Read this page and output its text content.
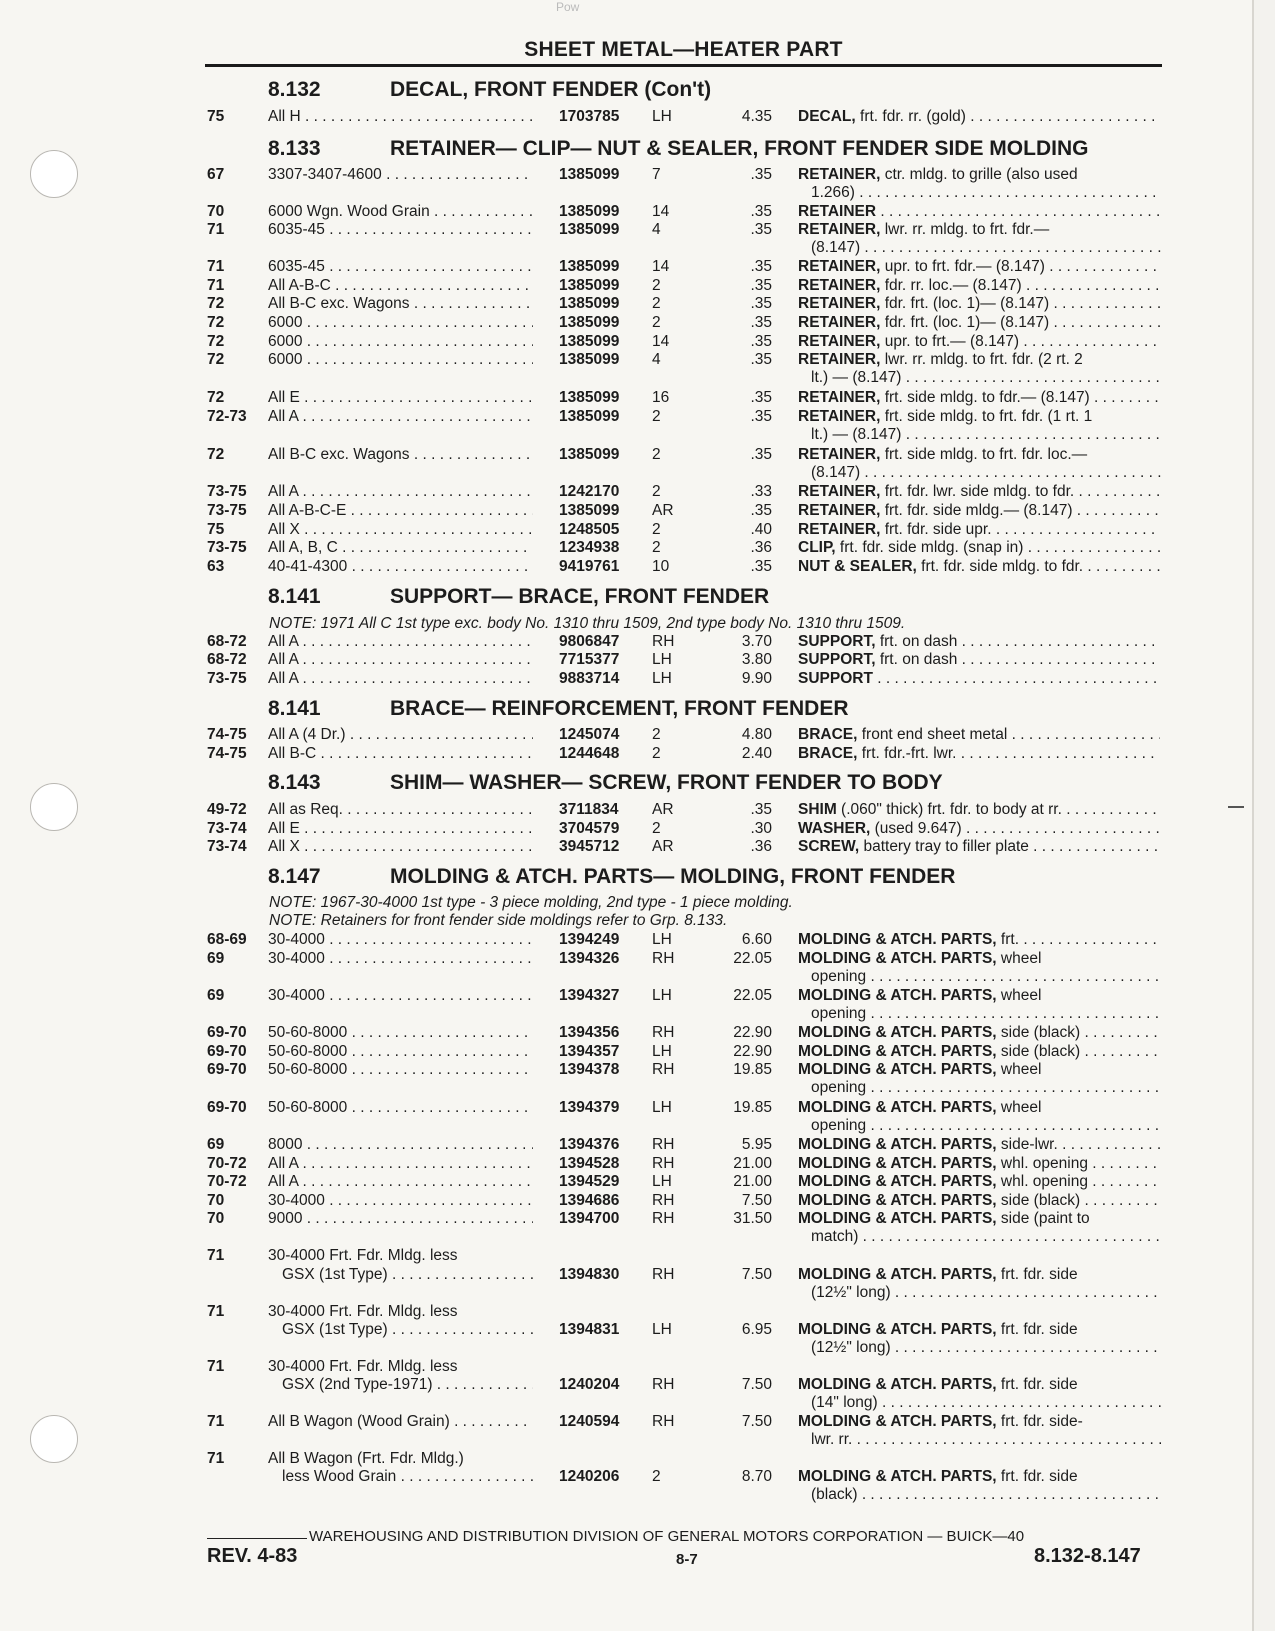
Pow
SHEET METAL—HEATER PART
8.132	DECAL, FRONT FENDER (Con't)
8.133	RETAINER— CLIP— NUT & SEALER, FRONT FENDER SIDE MOLDING
8.141	SUPPORT— BRACE, FRONT FENDER
8.141	BRACE— REINFORCEMENT, FRONT FENDER
8.143	SHIM— WASHER— SCREW, FRONT FENDER TO BODY
8.147	MOLDING & ATCH. PARTS— MOLDING, FRONT FENDER
NOTE: 1971 All C 1st type exc. body No. 1310 thru 1509, 2nd type body No. 1310 thru 1509.
NOTE: 1967-30-4000 1st type - 3 piece molding, 2nd type - 1 piece molding.
NOTE: Retainers for front fender side moldings refer to Grp. 8.133.
75	All H . . .	1703785 LH	4.35 DECAL, frt. fdr. rr. (gold) . . .
67	3307-3407-4600 . . .	1385099 7	.35 RETAINER, ctr. mldg. to grille (also used
1.266) . . .
70	6000 Wgn. Wood Grain . . .	1385099 14	.35 RETAINER . . .
71	6035-45 . . .	1385099 4	.35 RETAINER, lwr. rr. mldg. to frt. fdr.—
(8.147) . . .
71	6035-45 . . .	1385099 14	.35 RETAINER, upr. to frt. fdr.— (8.147) . . .
71	All A-B-C . . .	1385099 2	.35 RETAINER, fdr. rr. loc.— (8.147) . . .
72	All B-C exc. Wagons . . .	1385099 2	.35 RETAINER, fdr. frt. (loc. 1)— (8.147) . . .
72	6000 . . .	1385099 2	.35 RETAINER, fdr. frt. (loc. 1)— (8.147) . . .
72	6000 . . .	1385099 14	.35 RETAINER, upr. to frt.— (8.147) . . .
72	6000 . . .	1385099 4	.35 RETAINER, lwr. rr. mldg. to frt. fdr. (2 rt. 2
lt.) — (8.147) . . .
72	All E . . .	1385099 16	.35 RETAINER, frt. side mldg. to fdr.— (8.147) . . .
72-73 All A . . .	1385099 2	.35 RETAINER, frt. side mldg. to frt. fdr. (1 rt. 1
lt.) — (8.147) . . .
72	All B-C exc. Wagons . . .	1385099 2	.35 RETAINER, frt. side mldg. to frt. fdr. loc.—
(8.147) . . .
73-75 All A . . .	1242170 2	.33 RETAINER, frt. fdr. lwr. side mldg. to fdr. . . .
73-75 All A-B-C-E . . .	1385099 AR	.35 RETAINER, frt. fdr. side mldg.— (8.147) . . .
75	All X . . .	1248505 2	.40 RETAINER, frt. fdr. side upr. . . .
73-75 All A, B, C . . .	1234938 2	.36 CLIP, frt. fdr. side mldg. (snap in) . . .
63	40-41-4300 . . .	9419761 10	.35 NUT & SEALER, frt. fdr. side mldg. to fdr. . . .
68-72 All A . . .	9806847 RH	3.70 SUPPORT, frt. on dash . . .
68-72 All A . . .	7715377 LH	3.80 SUPPORT, frt. on dash . . .
73-75 All A . . .	9883714 LH	9.90 SUPPORT . . .
74-75 All A (4 Dr.) . . .	1245074 2	4.80 BRACE, front end sheet metal . . .
74-75 All B-C . . .	1244648 2	2.40 BRACE, frt. fdr.-frt. lwr. . . .
49-72 All as Req. . . .	3711834 AR	.35 SHIM (.060" thick) frt. fdr. to body at rr. . . .
73-74 All E . . .	3704579 2	.30 WASHER, (used 9.647) . . .
73-74 All X . . .	3945712 AR	.36 SCREW, battery tray to filler plate . . .
68-69 30-4000 . . .	1394249 LH	6.60 MOLDING & ATCH. PARTS, frt. . . .
69	30-4000 . . .	1394326 RH	22.05 MOLDING & ATCH. PARTS, wheel
opening . . .
69	30-4000 . . .	1394327 LH	22.05 MOLDING & ATCH. PARTS, wheel
opening . . .
69-70 50-60-8000 . . .	1394356 RH	22.90 MOLDING & ATCH. PARTS, side (black) . . .
69-70 50-60-8000 . . .	1394357 LH	22.90 MOLDING & ATCH. PARTS, side (black) . . .
69-70 50-60-8000 . . .	1394378 RH	19.85 MOLDING & ATCH. PARTS, wheel
opening . . .
69-70 50-60-8000 . . .	1394379 LH	19.85 MOLDING & ATCH. PARTS, wheel
opening . . .
69	8000 . . .	1394376 RH	5.95 MOLDING & ATCH. PARTS, side-lwr. . . .
70-72 All A . . .	1394528 RH	21.00 MOLDING & ATCH. PARTS, whl. opening . . .
70-72 All A . . .	1394529 LH	21.00 MOLDING & ATCH. PARTS, whl. opening . . .
70	30-4000 . . .	1394686 RH	7.50 MOLDING & ATCH. PARTS, side (black) . . .
70	9000 . . .	1394700 RH	31.50 MOLDING & ATCH. PARTS, side (paint to
match) . . .
71	30-4000 Frt. Fdr. Mldg. less
GSX (1st Type) . . .	1394830 RH	7.50 MOLDING & ATCH. PARTS, frt. fdr. side
(12½" long) . . .
71	30-4000 Frt. Fdr. Mldg. less
GSX (1st Type) . . .	1394831 LH	6.95 MOLDING & ATCH. PARTS, frt. fdr. side
(12½" long) . . .
71	30-4000 Frt. Fdr. Mldg. less
GSX (2nd Type-1971) . . .	1240204 RH	7.50 MOLDING & ATCH. PARTS, frt. fdr. side
(14" long) . . .
71	All B Wagon (Wood Grain) . . .	1240594 RH	7.50 MOLDING & ATCH. PARTS, frt. fdr. side-
lwr. rr. . . .
71	All B Wagon (Frt. Fdr. Mldg.)
less Wood Grain . . .	1240206 2	8.70 MOLDING & ATCH. PARTS, frt. fdr. side
(black) . . .
WAREHOUSING AND DISTRIBUTION DIVISION OF GENERAL MOTORS CORPORATION — BUICK—40
REV. 4-83	8-7	8.132-8.147
